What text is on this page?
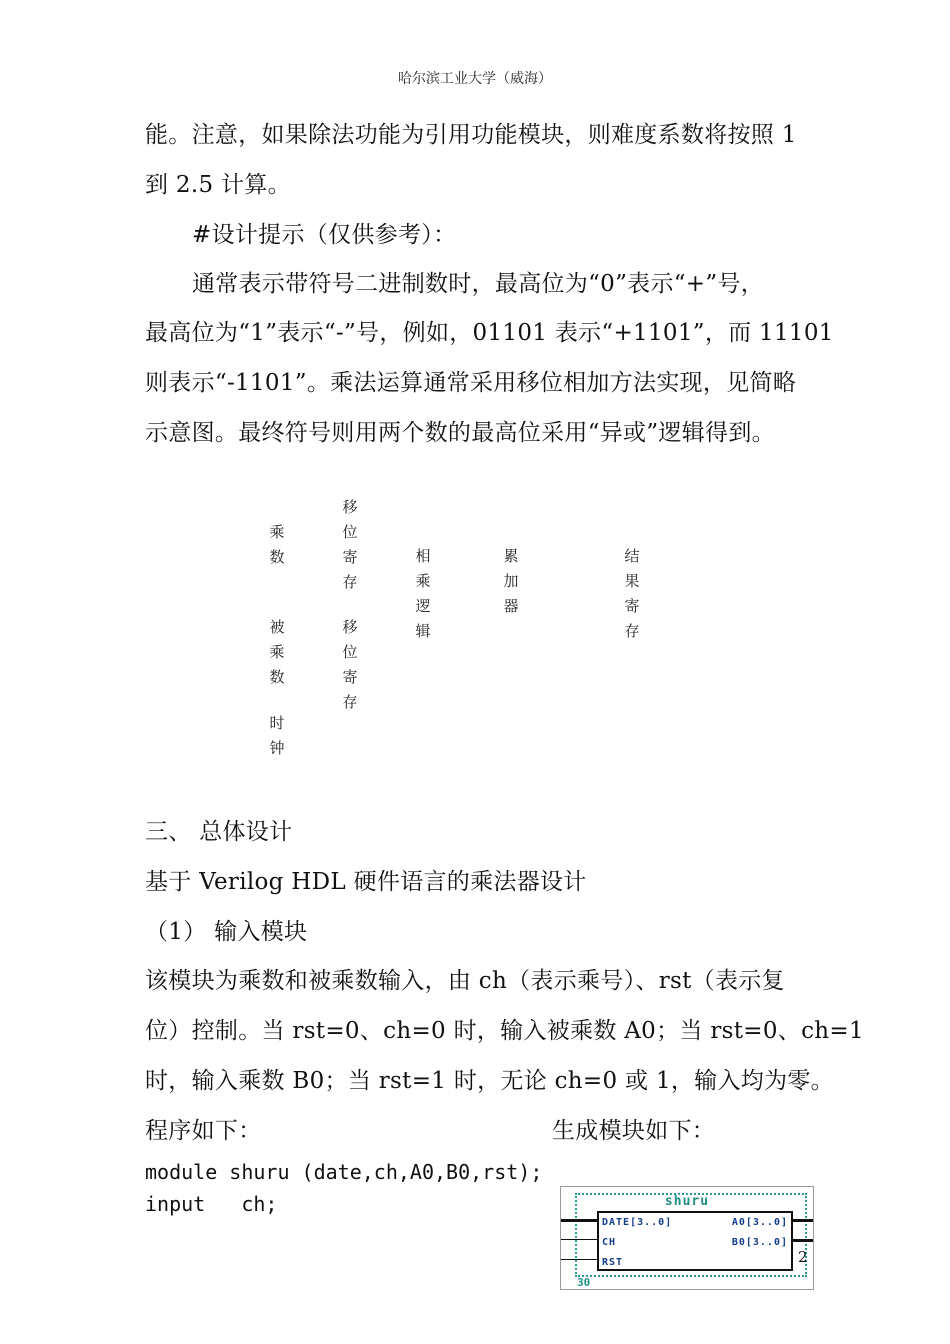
哈尔滨工业大学（威海）
能。注意，如果除法功能为引用功能模块，则难度系数将按照 1
到 2.5 计算。
#设计提示（仅供参考）：
通常表示带符号二进制数时，最高位为“0”表示“+”号，
最高位为“1”表示“-”号，例如，01101 表示“+1101”，而 11101
则表示“-1101”。乘法运算通常采用移位相加方法实现，见简略
示意图。最终符号则用两个数的最高位采用“异或”逻辑得到。
乘数
被乘数
时钟
移位寄存
移位寄存
相乘逻辑
累加器
结果寄存
三、 总体设计
基于 Verilog HDL 硬件语言的乘法器设计
（1） 输入模块
该模块为乘数和被乘数输入，由 ch（表示乘号）、rst（表示复
位）控制。当 rst=0、ch=0 时，输入被乘数 A0；当 rst=0、ch=1
时，输入乘数 B0；当 rst=1 时，无论 ch=0 或 1，输入均为零。
程序如下：	生成模块如下：
module shuru (date,ch,A0,B0,rst);
input   ch;	shuru
DATE[3..0]
CH
RST
A0[3..0]
B0[3..0]
30
2
